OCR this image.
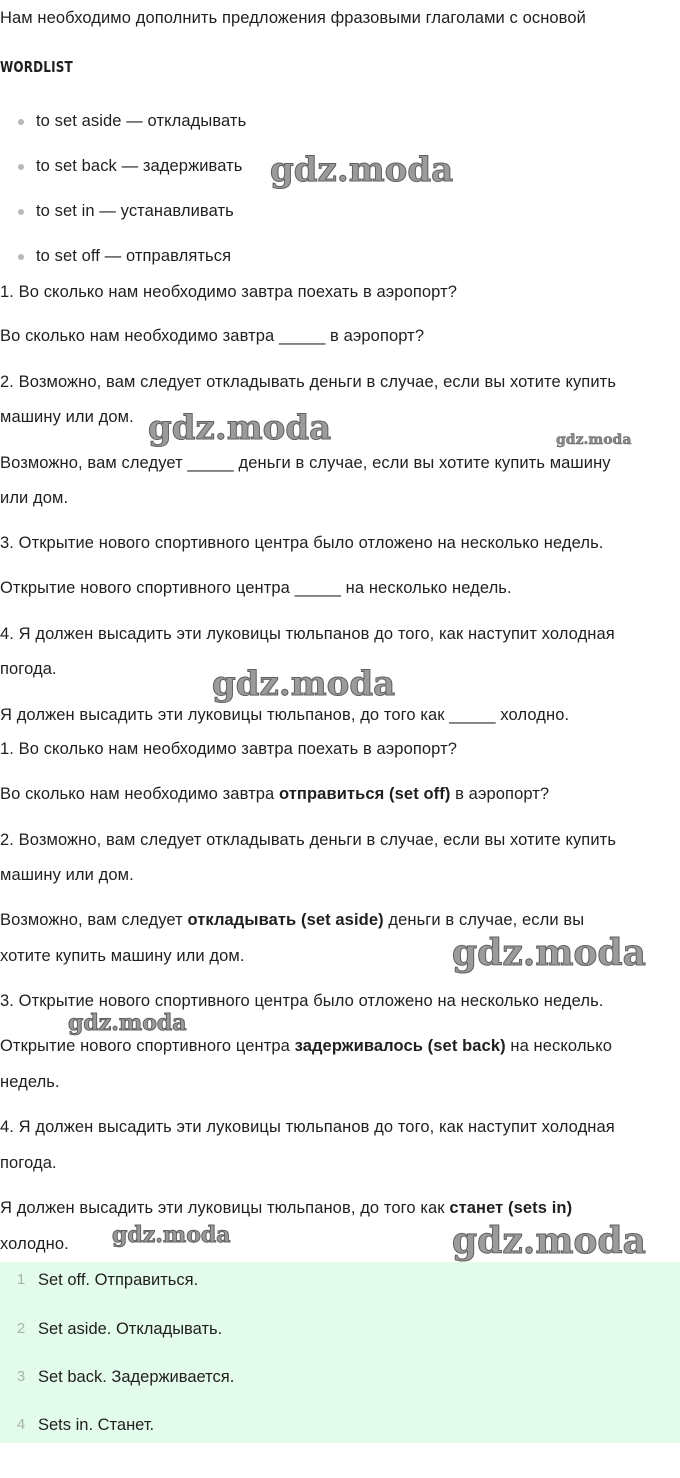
Нам необходимо дополнить предложения фразовыми глаголами с основой
WORDLIST
to set aside — откладывать
to set back — задерживать
to set in — устанавливать
to set off — отправляться
1. Во сколько нам необходимо завтра поехать в аэропорт?
Во сколько нам необходимо завтра _____ в аэропорт?
2. Возможно, вам следует откладывать деньги в случае, если вы хотите купить
машину или дом.
Возможно, вам следует _____ деньги в случае, если вы хотите купить машину
или дом.
3. Открытие нового спортивного центра было отложено на несколько недель.
Открытие нового спортивного центра _____ на несколько недель.
4. Я должен высадить эти луковицы тюльпанов до того, как наступит холодная
погода.
Я должен высадить эти луковицы тюльпанов, до того как _____ холодно.
1. Во сколько нам необходимо завтра поехать в аэропорт?
Во сколько нам необходимо завтра отправиться (set off) в аэропорт?
2. Возможно, вам следует откладывать деньги в случае, если вы хотите купить
машину или дом.
Возможно, вам следует откладывать (set aside) деньги в случае, если вы
хотите купить машину или дом.
3. Открытие нового спортивного центра было отложено на несколько недель.
Открытие нового спортивного центра задерживалось (set back) на несколько
недель.
4. Я должен высадить эти луковицы тюльпанов до того, как наступит холодная
погода.
Я должен высадить эти луковицы тюльпанов, до того как станет (sets in)
холодно.
1 Set off. Отправиться.
2 Set aside. Откладывать.
3 Set back. Задерживается.
4 Sets in. Станет.
gdz.moda
gdz.moda	gdz.moda
gdz.moda
gdz.moda
gdz.moda
gdz.moda	gdz.moda
